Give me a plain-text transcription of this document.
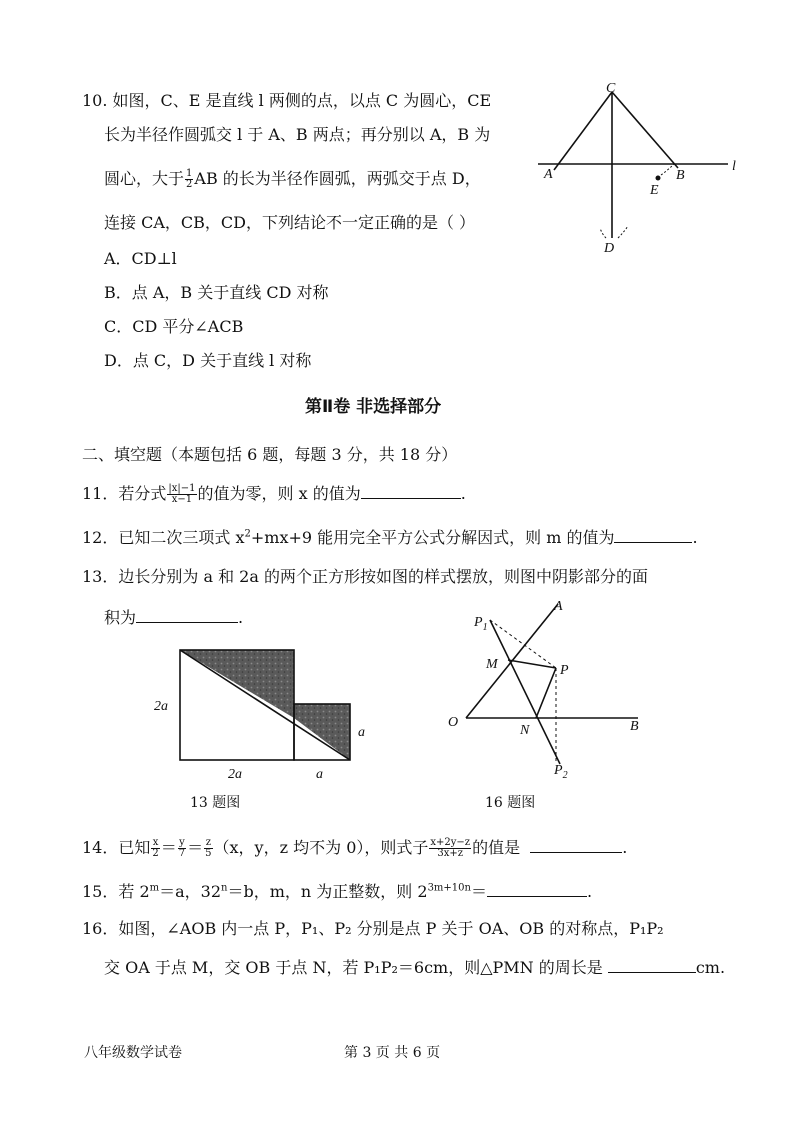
10. 如图，C、E 是直线 l 两侧的点，以点 C 为圆心，CE
长为半径作圆弧交 l 于 A、B 两点；再分别以 A，B 为
圆心，大于 $\frac{1}{2}$ AB 的长为半径作圆弧，两弧交于点 D，
连接 CA，CB，CD，下列结论不一定正确的是（ ）
A．CD⊥l
B．点 A，B 关于直线 CD 对称
C．CD 平分∠ACB
D．点 C，D 关于直线 l 对称
C
A	B
E
D
l
第Ⅱ卷 非选择部分
二、填空题（本题包括 6 题，每题 3 分，共 18 分）
11．若分式 $\frac{|x|-1}{x-1}$ 的值为零，则 x 的值为	.
12．已知二次三项式 $x^2+mx+9$ 能用完全平方公式分解因式，则 m 的值为	.
13．边长分别为 a 和 2a 的两个正方形按如图的样式摆放，则图中阴影部分的面
积为	.
2a
2a	a
a
13 题图
$P_1$
A
M	P
O
N	B
$P_2$
16 题图
14．已知 $\frac{x}{2} = \frac{y}{7} = \frac{z}{5} (x$，y，z 均不为 0），则式子 $\frac{x+2y-z}{3x+z}$ 的值是	.
15．若 $2^m=a$，$32^n=b$，m，n 为正整数，则 $2^{3m+10n}=$	.
16．如图，∠AOB 内一点 P，P₁、P₂ 分别是点 P 关于 OA、OB 的对称点，P₁P₂
交 OA 于点 M，交 OB 于点 N，若 P₁P₂＝6cm，则△PMN 的周长是	cm.
八年级数学试卷	第 3 页 共 6 页
